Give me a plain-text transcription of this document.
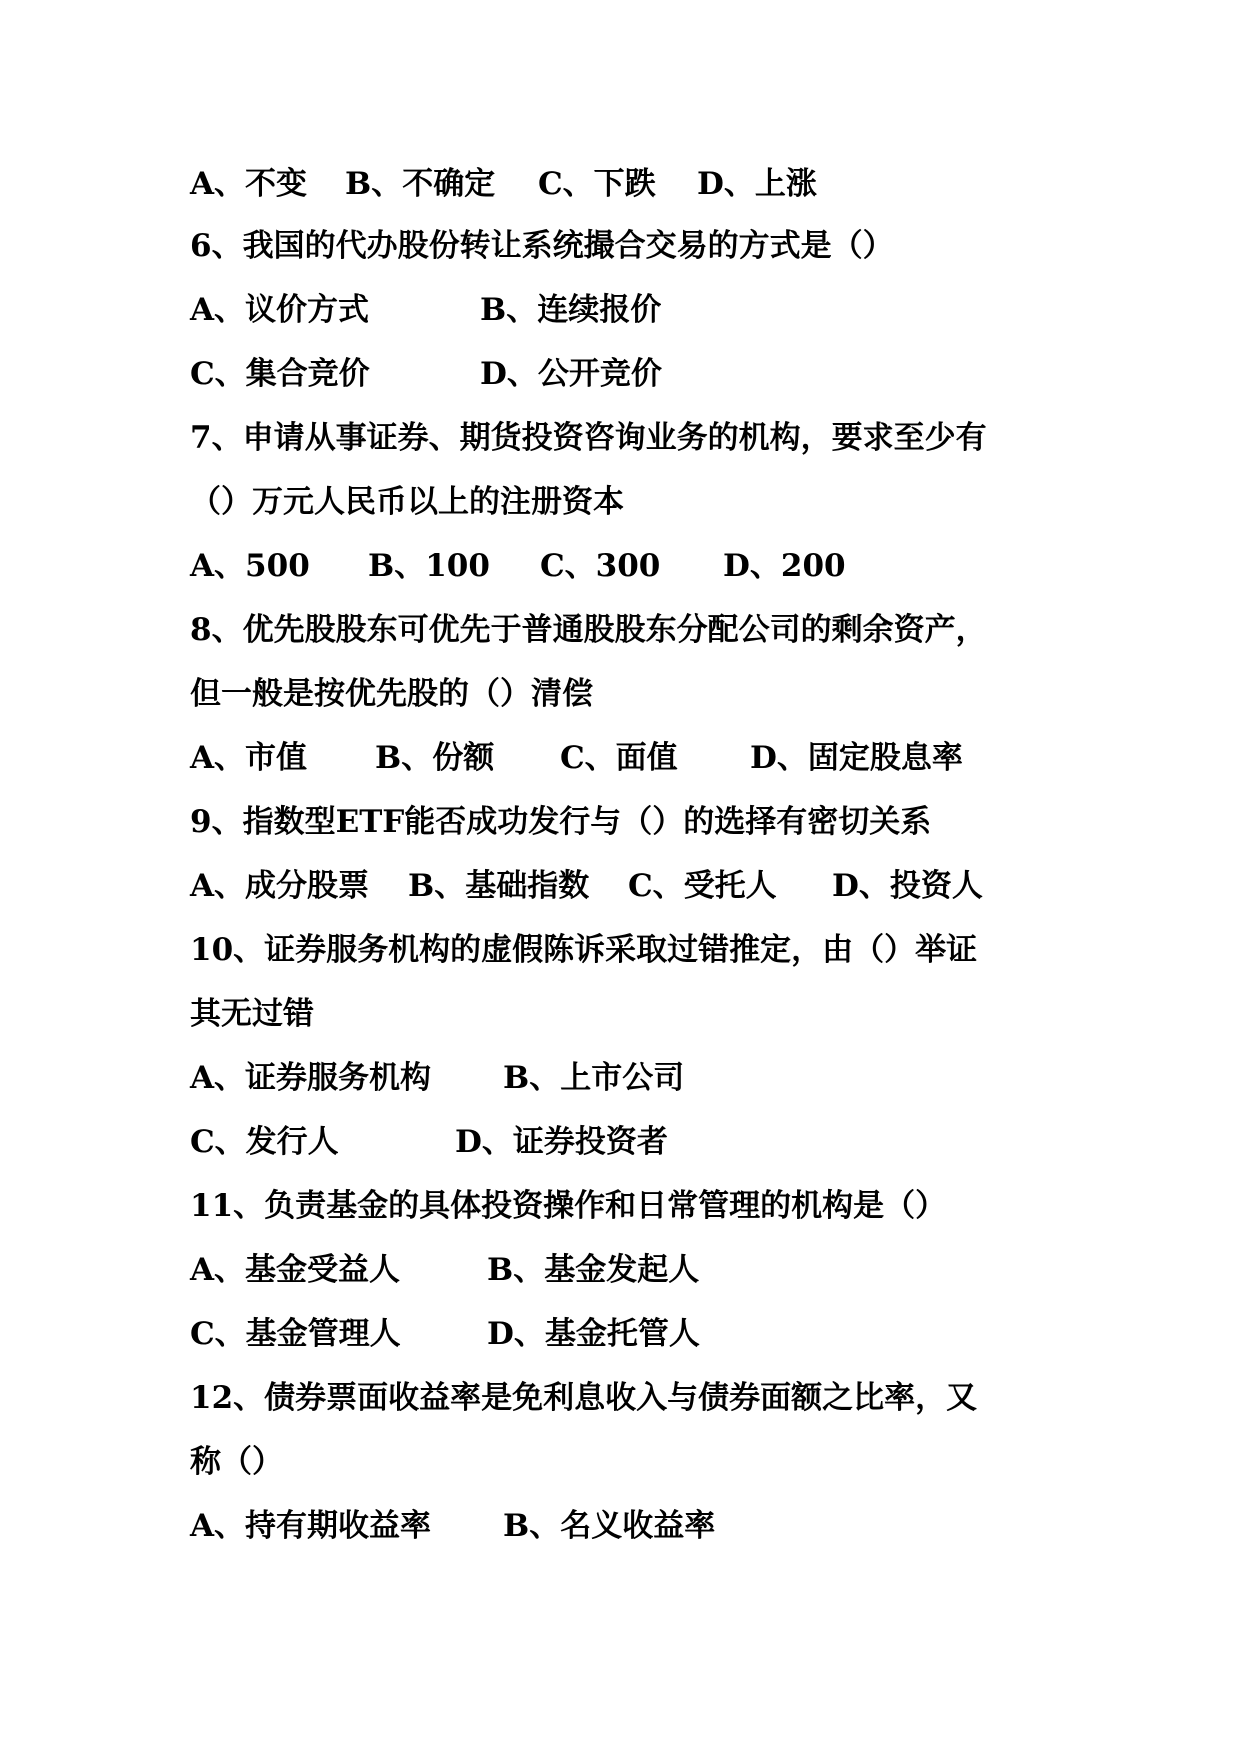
A、不变 B、不确定 C、下跌 D、上涨
6、我国的代办股份转让系统撮合交易的方式是（）
A、议价方式	B、连续报价
C、集合竞价	D、公开竞价
7、申请从事证券、期货投资咨询业务的机构，要求至少有
（）万元人民币以上的注册资本
A、500 B、100 C、300 D、200
8、优先股股东可优先于普通股股东分配公司的剩余资产，
但一般是按优先股的（）清偿
A、市值 B、份额 C、面值 D、固定股息率
9、指数型ETF能否成功发行与（）的选择有密切关系
A、成分股票 B、基础指数 C、受托人 D、投资人
10、证券服务机构的虚假陈诉采取过错推定，由（）举证
其无过错
A、证券服务机构 B、上市公司
C、发行人	D、证券投资者
11、负责基金的具体投资操作和日常管理的机构是（）
A、基金受益人	B、基金发起人
C、基金管理人	D、基金托管人
12、债券票面收益率是免利息收入与债券面额之比率，又
称（）
A、持有期收益率 B、名义收益率
